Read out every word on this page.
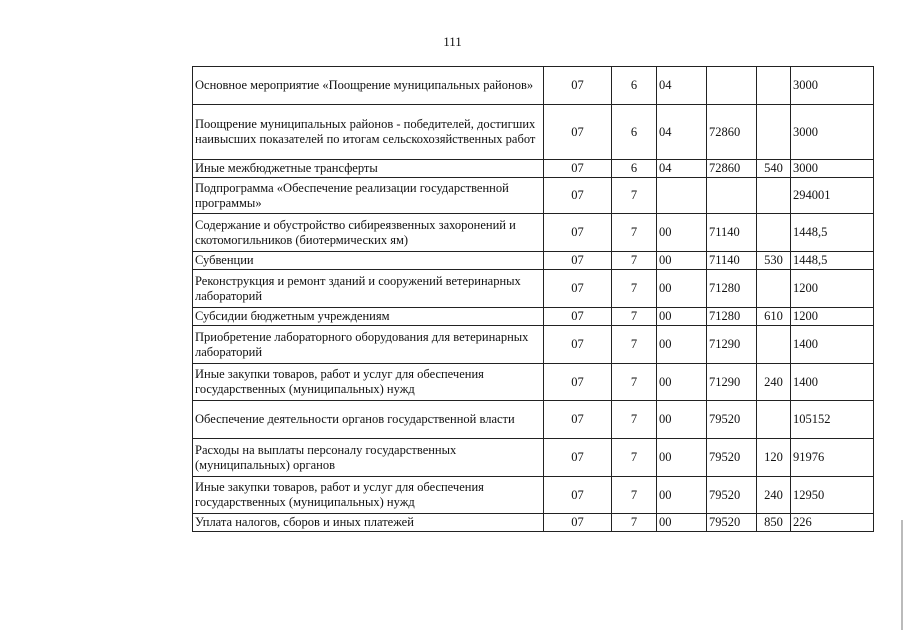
111
Основное мероприятие «Поощрение муниципальных районов»	07	6	04			3000
Поощрение муниципальных районов - победителей, достигших наивысших показателей по итогам сельскохозяйственных работ	07	6	04	72860		3000
Иные межбюджетные трансферты	07	6	04	72860	540	3000
Подпрограмма «Обеспечение реализации государственной программы»	07	7				294001
Содержание и обустройство сибиреязвенных захоронений и скотомогильников (биотермических ям)	07	7	00	71140		1448,5
Субвенции	07	7	00	71140	530	1448,5
Реконструкция и ремонт зданий и сооружений ветеринарных лабораторий	07	7	00	71280		1200
Субсидии бюджетным учреждениям	07	7	00	71280	610	1200
Приобретение лабораторного оборудования для ветеринарных лабораторий	07	7	00	71290		1400
Иные закупки товаров, работ и услуг для обеспечения государственных (муниципальных) нужд	07	7	00	71290	240	1400
Обеспечение деятельности органов государственной власти	07	7	00	79520		105152
Расходы на выплаты персоналу государственных (муниципальных) органов	07	7	00	79520	120	91976
Иные закупки товаров, работ и услуг для обеспечения государственных (муниципальных) нужд	07	7	00	79520	240	12950
Уплата налогов, сборов и иных платежей	07	7	00	79520	850	226
